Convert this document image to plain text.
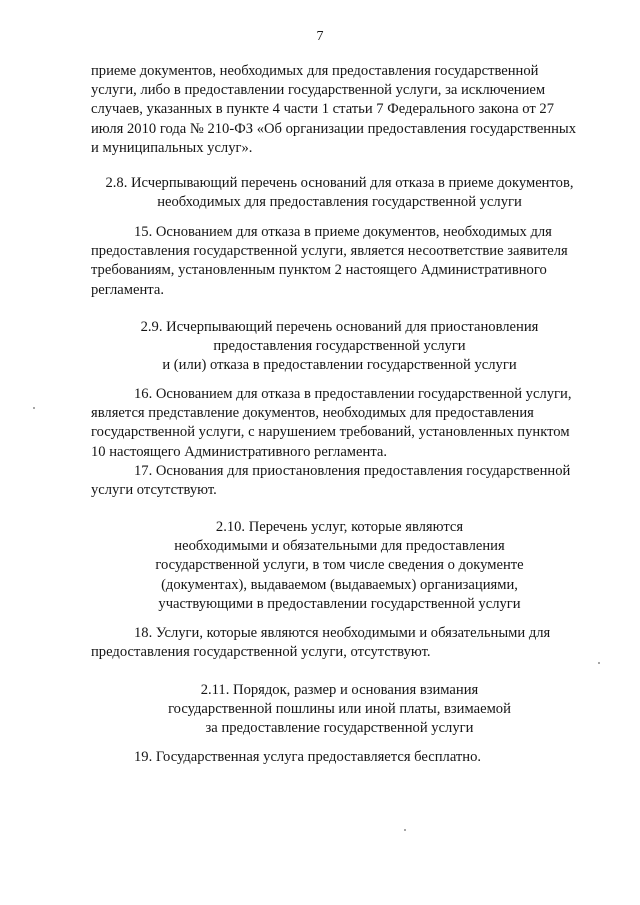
7
приеме документов, необходимых для предоставления государственной
услуги, либо в предоставлении государственной услуги, за исключением
случаев, указанных в пункте 4 части 1 статьи 7 Федерального закона от 27
июля 2010 года № 210-ФЗ «Об организации предоставления государственных
и муниципальных услуг».
2.8. Исчерпывающий перечень оснований для отказа в приеме документов,
необходимых для предоставления государственной услуги
15. Основанием для отказа в приеме документов, необходимых для
предоставления государственной услуги, является несоответствие заявителя
требованиям, установленным пунктом 2 настоящего Административного
регламента.
2.9. Исчерпывающий перечень оснований для приостановления
предоставления государственной услуги
и (или) отказа в предоставлении государственной услуги
16. Основанием для отказа в предоставлении государственной услуги,
является представление документов, необходимых для предоставления
государственной услуги, с нарушением требований, установленных пунктом
10 настоящего Административного регламента.
17. Основания для приостановления предоставления государственной
услуги отсутствуют.
2.10. Перечень услуг, которые являются
необходимыми и обязательными для предоставления
государственной услуги, в том числе сведения о документе
(документах), выдаваемом (выдаваемых) организациями,
участвующими в предоставлении государственной услуги
18. Услуги, которые являются необходимыми и обязательными для
предоставления государственной услуги, отсутствуют.
2.11. Порядок, размер и основания взимания
государственной пошлины или иной платы, взимаемой
за предоставление государственной услуги
19. Государственная услуга предоставляется бесплатно.
